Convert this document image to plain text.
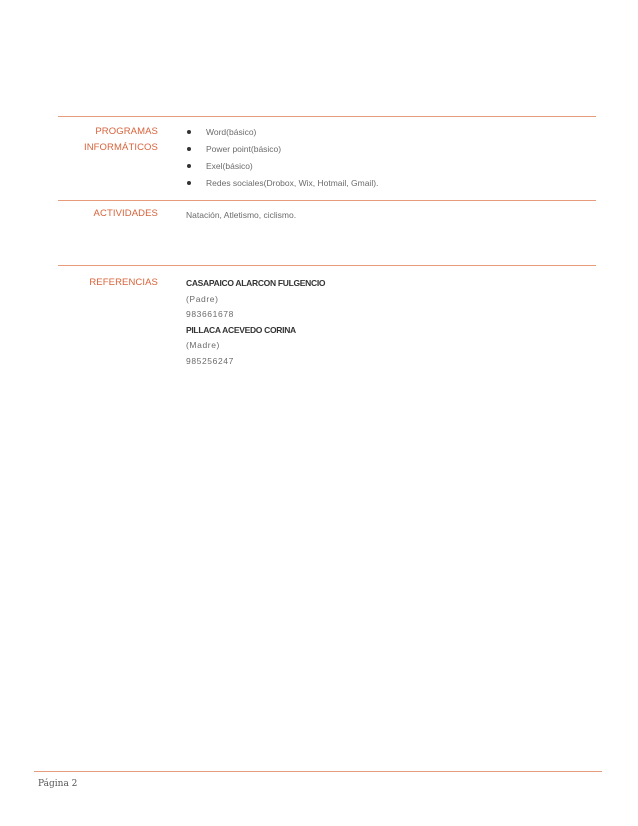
PROGRAMAS
INFORMÁTICOS
Word(básico)
Power point(básico)
Exel(básico)
Redes sociales(Drobox, Wix, Hotmail, Gmail).
ACTIVIDADES	Natación, Atletismo, ciclismo.
REFERENCIAS	CASAPAICO ALARCON FULGENCIO
(Padre)
983661678
PILLACA ACEVEDO CORINA
(Madre)
985256247
Página 2
